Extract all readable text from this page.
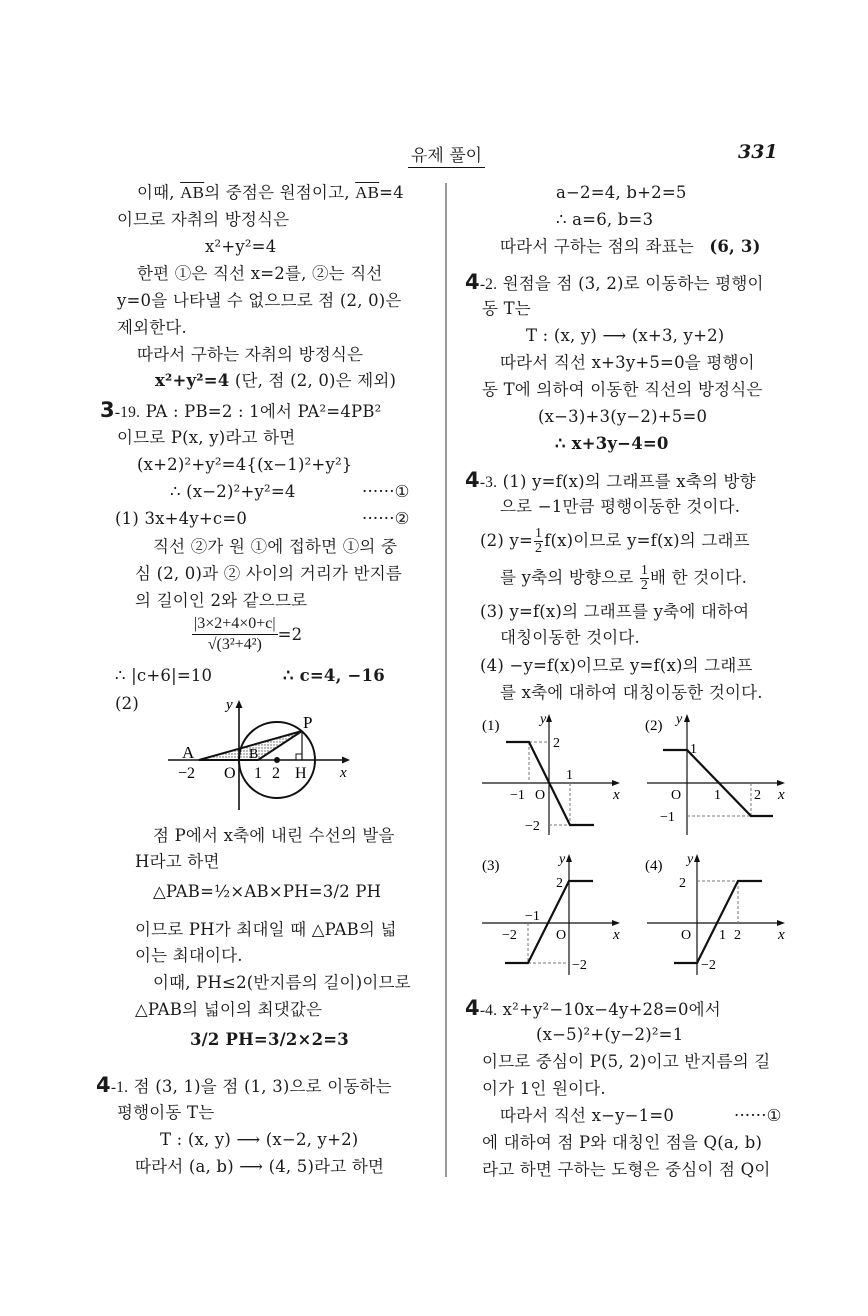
유제 풀이	331
이때, $\overline{AB}$의 중점은 원점이고, $\overline{AB}=4$
이므로 자취의 방정식은
x²+y²=4
한편 ①은 직선 x=2를, ②는 직선
y=0을 나타낼 수 없으므로 점 (2, 0)은
제외한다.
따라서 구하는 자취의 방정식은
x²+y²=4 (단, 점 (2, 0)은 제외)
3-19. PA : PB=2 : 1에서 PA²=4PB²
이므로 P(x, y)라고 하면
(x+2)²+y²=4{(x−1)²+y²}
∴ (x−2)²+y²=4	······①
(1) 3x+4y+c=0	······②
직선 ②가 원 ①에 접하면 ①의 중
심 (2, 0)과 ② 사이의 거리가 반지름
의 길이인 2와 같으므로
$\frac{|3\times 2+4\times 0+c|}{\text{√(3²+4²)}} =2$
∴ |c+6|=10	∴ c=4, −16
(2)	y
x
A	B
P
H
O
−2	1 2
점 P에서 x축에 내린 수선의 발을
H라고 하면
△PAB=½×AB×PH=3/2 PH
이므로 PH가 최대일 때 △PAB의 넓
이는 최대이다.
이때, PH≤2(반지름의 길이)이므로
△PAB의 넓이의 최댓값은
3/2 PH=3/2×2=3
4-1. 점 (3, 1)을 점 (1, 3)으로 이동하는
평행이동 T는
T : (x, y) ⟶ (x−2, y+2)
따라서 (a, b) ⟶ (4, 5)라고 하면
a−2=4, b+2=5
∴ a=6, b=3
따라서 구하는 점의 좌표는 (6, 3)
4-2. 원점을 점 (3, 2)로 이동하는 평행이
동 T는
T : (x, y) ⟶ (x+3, y+2)
따라서 직선 x+3y+5=0을 평행이
동 T에 의하여 이동한 직선의 방정식은
(x−3)+3(y−2)+5=0
∴ x+3y−4=0
4-3. (1) y=f(x)의 그래프를 x축의 방향
으로 −1만큼 평행이동한 것이다.
(2) $y= \frac{1}{2} f(x)$이므로 y=f(x)의 그래프
를 y축의 방향으로 $\frac{1}{2}$ 배 한 것이다.
(3) y=f(x)의 그래프를 y축에 대하여
대칭이동한 것이다.
(4) −y=f(x)이므로 y=f(x)의 그래프
를 x축에 대하여 대칭이동한 것이다.
(1)	y
x
2
1
−1 O
−2
(2) y
x
1
O 1 2
−1
(3)	y
x
2
−1
−2	O
−2
(4) y
x
2
O 1 2
−2
4-4. x²+y²−10x−4y+28=0에서
(x−5)²+(y−2)²=1
이므로 중심이 P(5, 2)이고 반지름의 길
이가 1인 원이다.
따라서 직선 x−y−1=0	······①
에 대하여 점 P와 대칭인 점을 Q(a, b)
라고 하면 구하는 도형은 중심이 점 Q이
